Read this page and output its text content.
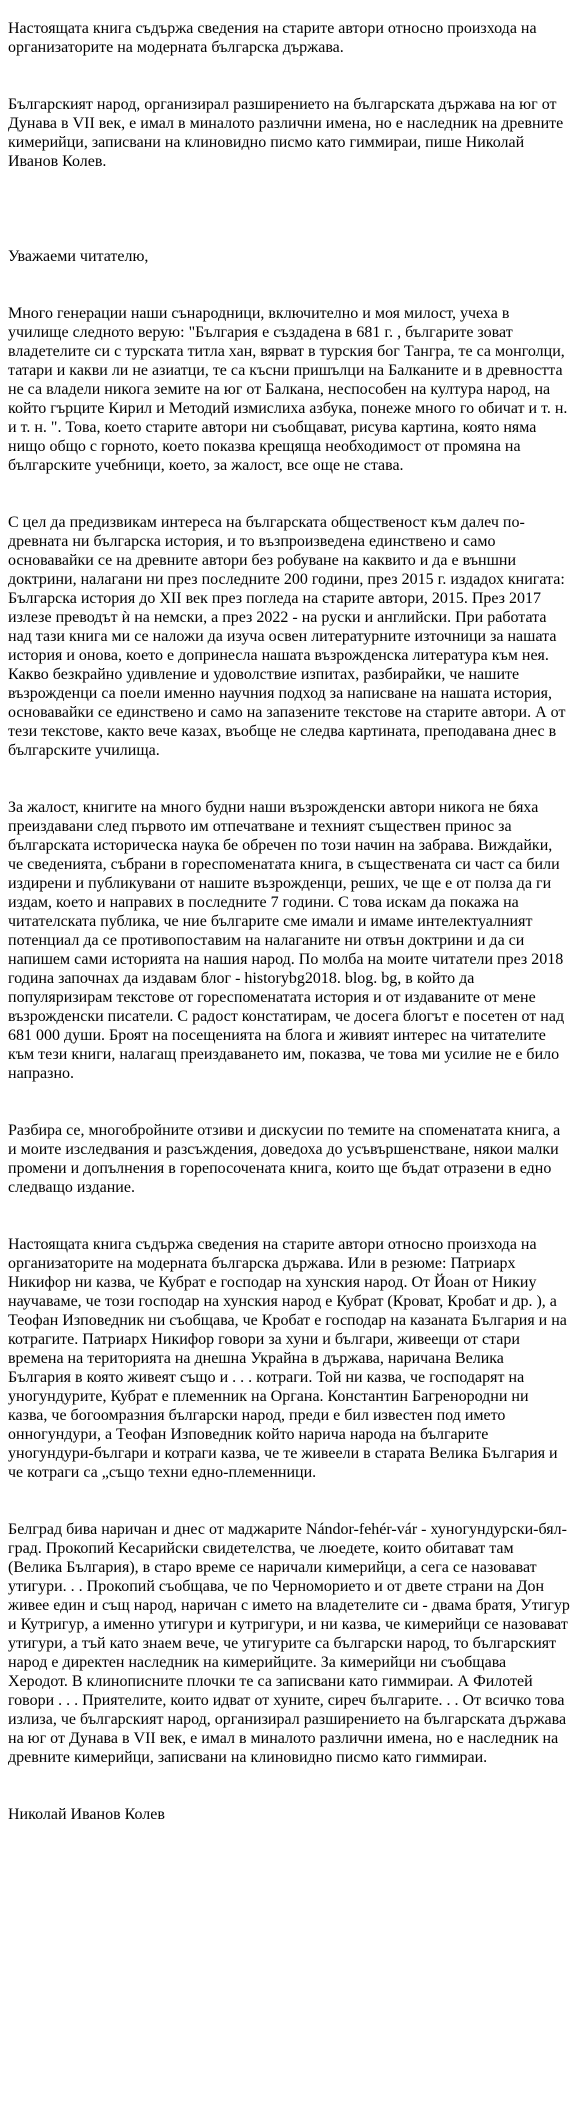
Настоящата книга съдържа сведения на старите автори относно произхода на организаторите на модерната българска държава.

Българският народ, организирал разширението на българската държава на юг от Дунава в VII век, е имал в миналото различни имена, но е наследник на древните кимерийци, записвани на клиновидно писмо като гиммираи, пише Николай Иванов Колев.

Уважаеми читателю,

Много генерации наши сънародници, включително и моя милост, учеха в училище следното верую: "България е създадена в 681 г. , българите зоват владетелите си с турската титла хан, вярват в турския бог Тангра, те са монголци, татари и какви ли не азиатци, те са късни пришълци на Балканите и в древността не са владели никога земите на юг от Балкана, неспособен на култура народ, на който гърците Кирил и Методий измислиха азбука, понеже много го обичат и т. н. и т. н. ". Това, което старите автори ни съобщават, рисува картина, която няма нищо общо с горното, което показва крещяща необходимост от промяна на българските учебници, което, за жалост, все още не става.

С цел да предизвикам интереса на българската общественост към далеч по-древната ни българска история, и то възпроизведена единствено и само основавайки се на древните автори без робуване на каквито и да е външни доктрини, налагани ни през последните 200 години, през 2015 г. издадох книгата: Българска история до XII век през погледа на старите автори, 2015. През 2017 излезе преводът ѝ на немски, а през 2022 - на руски и английски. При работата над тази книга ми се наложи да изуча освен литературните източници за нашата история и онова, което е допринесла нашата възрожденска литература към нея. Какво безкрайно удивление и удоволствие изпитах, разбирайки, че нашите възрожденци са поели именно научния подход за написване на нашата история, основавайки се единствено и само на запазените текстове на старите автори. А от тези текстове, както вече казах, въобще не следва картината, преподавана днес в българските училища.

За жалост, книгите на много будни наши възрожденски автори никога не бяха преиздавани след първото им отпечатване и техният съществен принос за българската историческа наука бе обречен по този начин на забрава. Виждайки, че сведенията, събрани в гореспоменатата книга, в съществената си част са били издирени и публикувани от нашите възрожденци, реших, че ще е от полза да ги издам, което и направих в последните 7 години. С това искам да покажа на читателската публика, че ние българите сме имали и имаме интелектуалният потенциал да се противопоставим на налаганите ни отвън доктрини и да си напишем сами историята на нашия народ. По молба на моите читатели през 2018 година започнах да издавам блог - historybg2018. blog. bg, в който да популяризирам текстове от гореспоменатата история и от издаваните от мене възрожденски писатели. С радост констатирам, че досега блогът е посетен от над 681 000 души. Броят на посещенията на блога и живият интерес на читателите към тези книги, налагащ преиздаването им, показва, че това ми усилие не е било напразно.

Разбира се, многобройните отзиви и дискусии по темите на споменатата книга, а и моите изследвания и разсъждения, доведоха до усъвършенстване, някои малки промени и допълнения в горепосочената книга, които ще бъдат отразени в едно следващо издание.

Настоящата книга съдържа сведения на старите автори относно произхода на организаторите на модерната българска държава. Или в резюме: Патриарх Никифор ни казва, че Кубрат е господар на хунския народ. От Йоан от Никиу научаваме, че този господар на хунския народ е Кубрат (Кроват, Кробат и др. ), а Теофан Изповедник ни съобщава, че Кробат е господар на казаната България и на котрагите. Патриарх Никифор говори за хуни и българи, живеещи от стари времена на територията на днешна Украйна в държава, наричана Велика България в която живеят също и . . . котраги. Той ни казва, че господарят на уногундурите, Кубрат е племенник на Органа. Константин Багренородни ни казва, че богоомразния български народ, преди е бил известен под името онногундури, а Теофан Изповедник който нарича народа на българите уногундури-българи и котраги казва, че те живеели в старата Велика България и че котраги са „също техни едно-племенници.

Белград бива наричан и днес от маджарите Nándor-fehér-vár - хуногундурски-бял-град. Прокопий Кесарийски свидетелства, че люедете, които обитават там (Велика България), в старо време се наричали кимерийци, а сега се назовават утигури. . . Прокопий съобщава, че по Черноморието и от двете страни на Дон живее един и същ народ, наричан с името на владетелите си - двама братя, Утигур и Кутригур, а именно утигури и кутригури, и ни казва, че кимерийци се назовават утигури, а тъй като знаем вече, че утигурите са български народ, то българският народ е директен наследник на кимерийците. За кимерийци ни съобщава Херодот. В клинописните плочки те са записвани като гиммираи. А Филотей говори . . . Приятелите, които идват от хуните, сиреч българите. . . От всичко това излиза, че българският народ, организирал разширението на българската държава на юг от Дунава в VII век, е имал в миналото различни имена, но е наследник на древните кимерийци, записвани на клиновидно писмо като гиммираи.

Николай Иванов Колев
